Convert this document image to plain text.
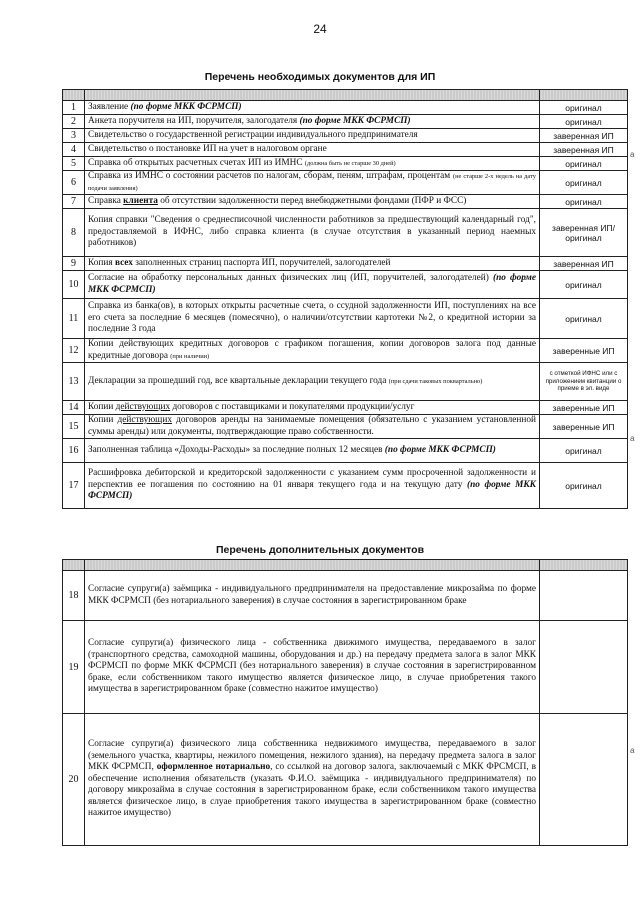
24
Перечень необходимых документов для ИП

1	Заявление (по форме МКК ФСРМСП)	оригинал
2	Анкета поручителя на ИП, поручителя, залогодателя (по форме МКК ФСРМСП)	оригинал
3	Свидетельство о государственной регистрации индивидуального предпринимателя	заверенная ИП
4	Свидетельство о постановке ИП на учет в налоговом органе	заверенная ИП
5	Справка об открытых расчетных счетах ИП из ИМНС (должна быть не старше 30 дней)	оригинал
6	Справка из ИМНС о состоянии расчетов по налогам, сборам, пеням, штрафам, процентам (не старше 2-х недель на дату подачи заявления)	оригинал
7	Справка клиента об отсутствии задолженности перед внебюджетными фондами (ПФР и ФСС)	оригинал
8	Копия справки "Сведения о среднесписочной численности работников за предшествующий календарный год", предоставляемой в ИФНС, либо справка клиента (в случае отсутствия в указанный период наемных работников)	заверенная ИП/ оригинал
9	Копия всех заполненных страниц паспорта ИП, поручителей, залогодателей	заверенная ИП
10	Согласие на обработку персональных данных физических лиц (ИП, поручителей, залогодателей) (по форме МКК ФСРМСП)	оригинал
11	Справка из банка(ов), в которых открыты расчетные счета, о ссудной задолженности ИП, поступлениях на все его счета за последние 6 месяцев (помесячно), о наличии/отсутствии картотеки №2, о кредитной истории за последние 3 года	оригинал
12	Копии действующих кредитных договоров с графиком погашения, копии договоров залога под данные кредитные договора (при наличии)	заверенные ИП
13	Декларации за прошедший год, все квартальные декларации текущего года (при сдачи таковых поквартально)	с отметкой ИФНС или с приложением квитанции о приеме в эл. виде
14	Копии действующих договоров с поставщиками и покупателями продукции/услуг	заверенные ИП
15	Копии действующих договоров аренды на занимаемые помещения (обязательно с указанием установленной суммы аренды) или документы, подтверждающие право собственности.	заверенные ИП
16	Заполненная таблица «Доходы-Расходы» за последние полных 12 месяцев (по форме МКК ФСРМСП)	оригинал
17	Расшифровка дебиторской и кредиторской задолженности с указанием сумм просроченной задолженности и перспектив ее погашения по состоянию на 01 января текущего года и на текущую дату (по форме МКК ФСРМСП)	оригинал
Перечень дополнительных документов

18	Согласие супруги(а) заёмщика - индивидуального предпринимателя на предоставление микрозайма по форме МКК ФСРМСП (без нотариального заверения) в случае состояния в зарегистрированном браке	
19	Согласие супруги(а) физического лица - собственника движимого имущества, передаваемого в залог (транспортного средства, самоходной машины, оборудования и др.) на передачу предмета залога в залог МКК ФСРМСП по форме МКК ФСРМСП (без нотариального заверения) в случае состояния в зарегистрированном браке, если собственником такого имущество является физическое лицо, в случае приобретения такого имущества в зарегистрированном браке (совместно нажитое имущество)	
20	Согласие супруги(а) физического лица собственника недвижимого имущества, передаваемого в залог (земельного участка, квартиры, нежилого помещения, нежилого здания), на передачу предмета залога в залог МКК ФСРМСП, оформленное нотариально, со ссылкой на договор залога, заключаемый с МКК ФРСМСП, в обеспечение исполнения обязательств (указать Ф.И.О. заёмщика - индивидуального предпринимателя) по договору микрозайма в случае состояния в зарегистрированном браке, если собственником такого имущества является физическое лицо, в слуае приобретения такого имущества в зарегистрированном браке (совместно нажитое имущество)	
a
a
a
